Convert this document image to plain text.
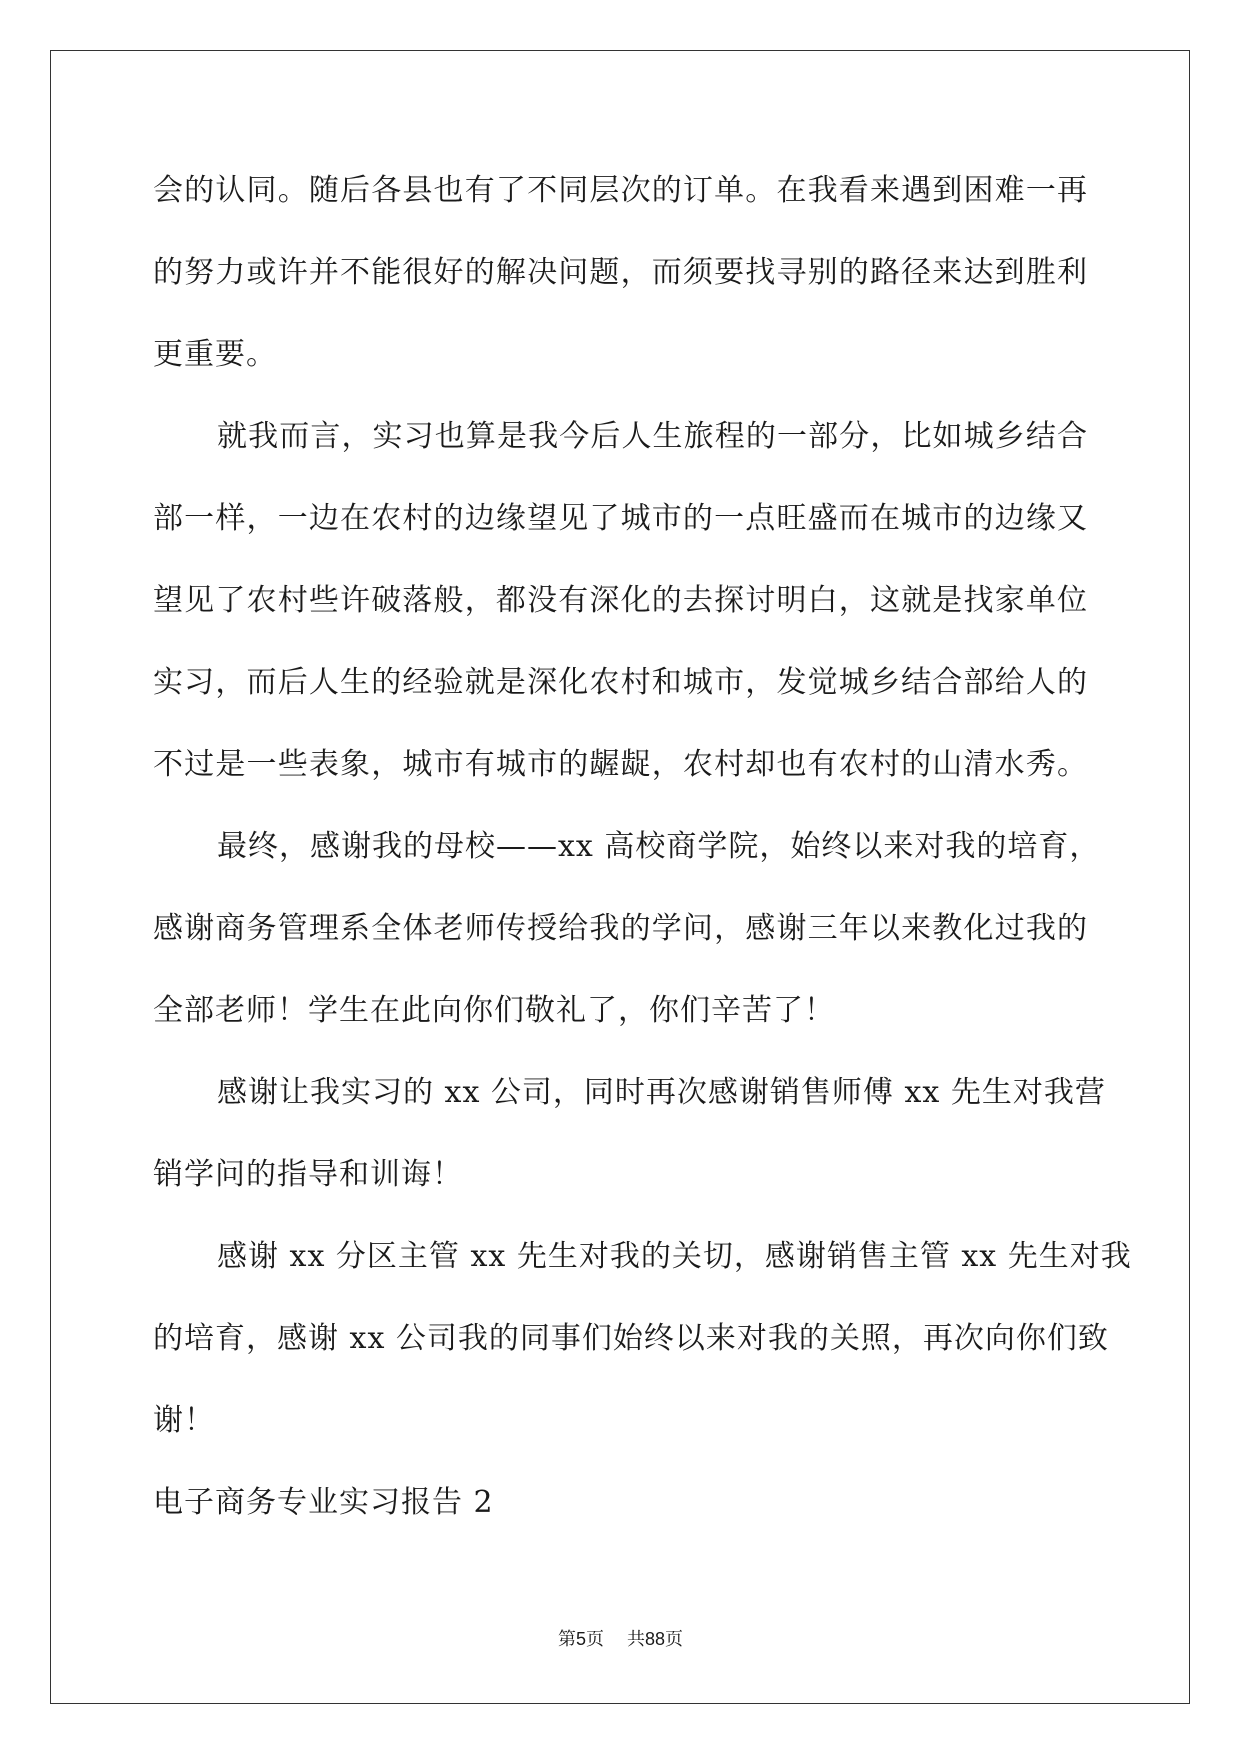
会的认同。随后各县也有了不同层次的订单。在我看来遇到困难一再
的努力或许并不能很好的解决问题，而须要找寻别的路径来达到胜利
更重要。
就我而言，实习也算是我今后人生旅程的一部分，比如城乡结合
部一样，一边在农村的边缘望见了城市的一点旺盛而在城市的边缘又
望见了农村些许破落般，都没有深化的去探讨明白，这就是找家单位
实习，而后人生的经验就是深化农村和城市，发觉城乡结合部给人的
不过是一些表象，城市有城市的龌龊，农村却也有农村的山清水秀。
最终，感谢我的母校——xx 高校商学院，始终以来对我的培育，
感谢商务管理系全体老师传授给我的学问，感谢三年以来教化过我的
全部老师！学生在此向你们敬礼了，你们辛苦了！
感谢让我实习的 xx 公司，同时再次感谢销售师傅 xx 先生对我营
销学问的指导和训诲！
感谢 xx 分区主管 xx 先生对我的关切，感谢销售主管 xx 先生对我
的培育，感谢 xx 公司我的同事们始终以来对我的关照，再次向你们致
谢！
电子商务专业实习报告 2
第5页 共88页
